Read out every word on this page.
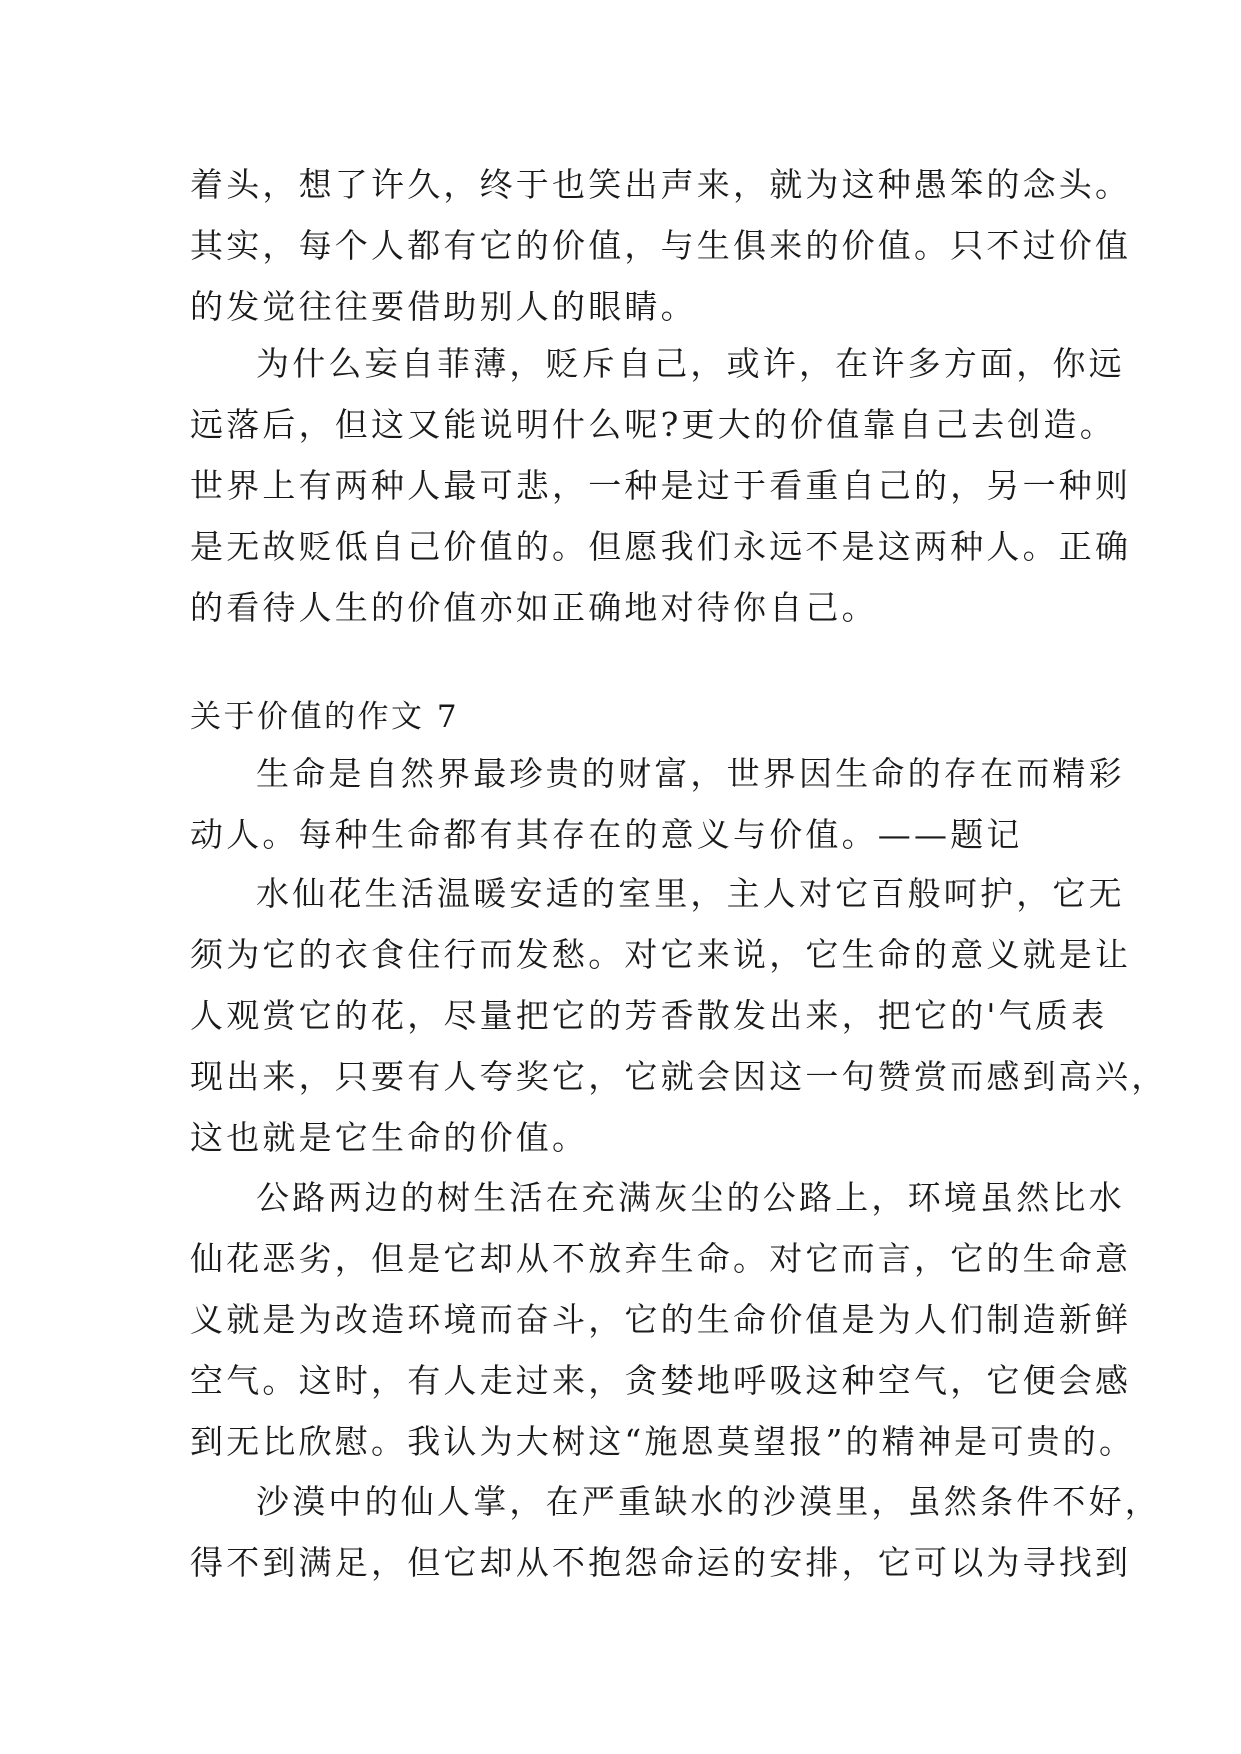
着头，想了许久，终于也笑出声来，就为这种愚笨的念头。
其实，每个人都有它的价值，与生俱来的价值。只不过价值
的发觉往往要借助别人的眼睛。
为什么妄自菲薄，贬斥自己，或许，在许多方面，你远
远落后，但这又能说明什么呢?更大的价值靠自己去创造。
世界上有两种人最可悲，一种是过于看重自己的，另一种则
是无故贬低自己价值的。但愿我们永远不是这两种人。正确
的看待人生的价值亦如正确地对待你自己。
关于价值的作文 7
生命是自然界最珍贵的财富，世界因生命的存在而精彩
动人。每种生命都有其存在的意义与价值。——题记
水仙花生活温暖安适的室里，主人对它百般呵护，它无
须为它的衣食住行而发愁。对它来说，它生命的意义就是让
人观赏它的花，尽量把它的芳香散发出来，把它的'气质表
现出来，只要有人夸奖它，它就会因这一句赞赏而感到高兴，
这也就是它生命的价值。
公路两边的树生活在充满灰尘的公路上，环境虽然比水
仙花恶劣，但是它却从不放弃生命。对它而言，它的生命意
义就是为改造环境而奋斗，它的生命价值是为人们制造新鲜
空气。这时，有人走过来，贪婪地呼吸这种空气，它便会感
到无比欣慰。我认为大树这“施恩莫望报”的精神是可贵的。
沙漠中的仙人掌，在严重缺水的沙漠里，虽然条件不好，
得不到满足，但它却从不抱怨命运的安排，它可以为寻找到
